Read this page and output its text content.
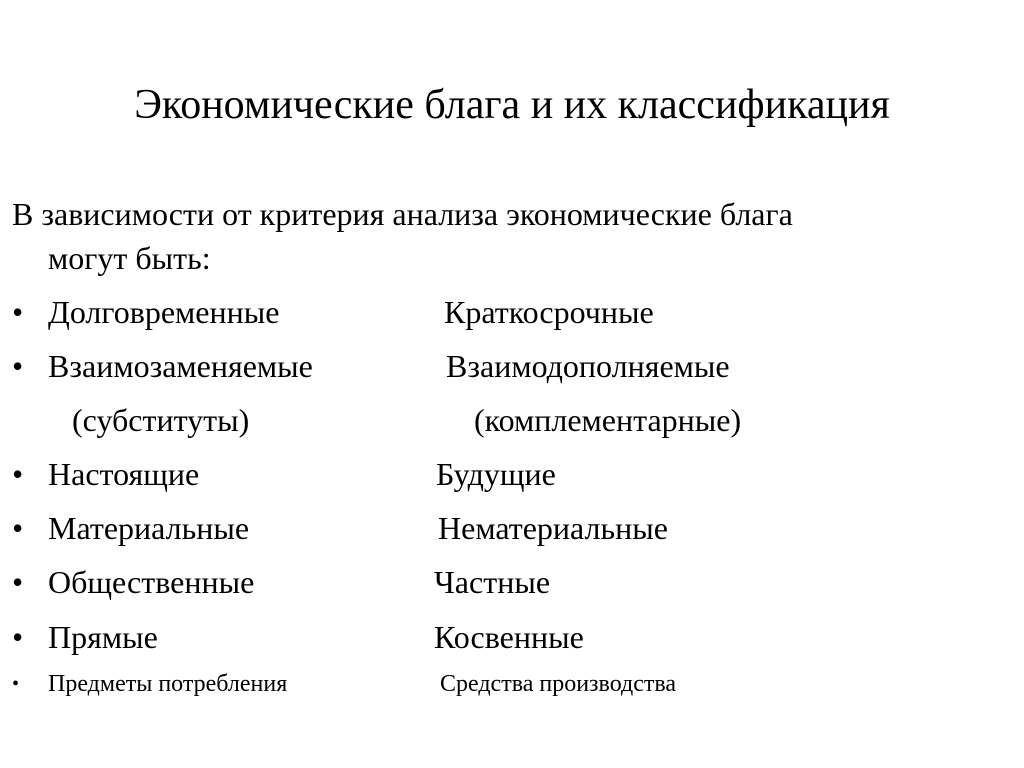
Экономические блага и их классификация
В зависимости от критерия анализа экономические блага
могут быть:
• Долговременные	Краткосрочные
• Взаимозаменяемые	Взаимодополняемые
(субституты)	(комплементарные)
• Настоящие	Будущие
• Материальные	Нематериальные
• Общественные	Частные
• Прямые	Косвенные
• Предметы потребления	Средства производства
